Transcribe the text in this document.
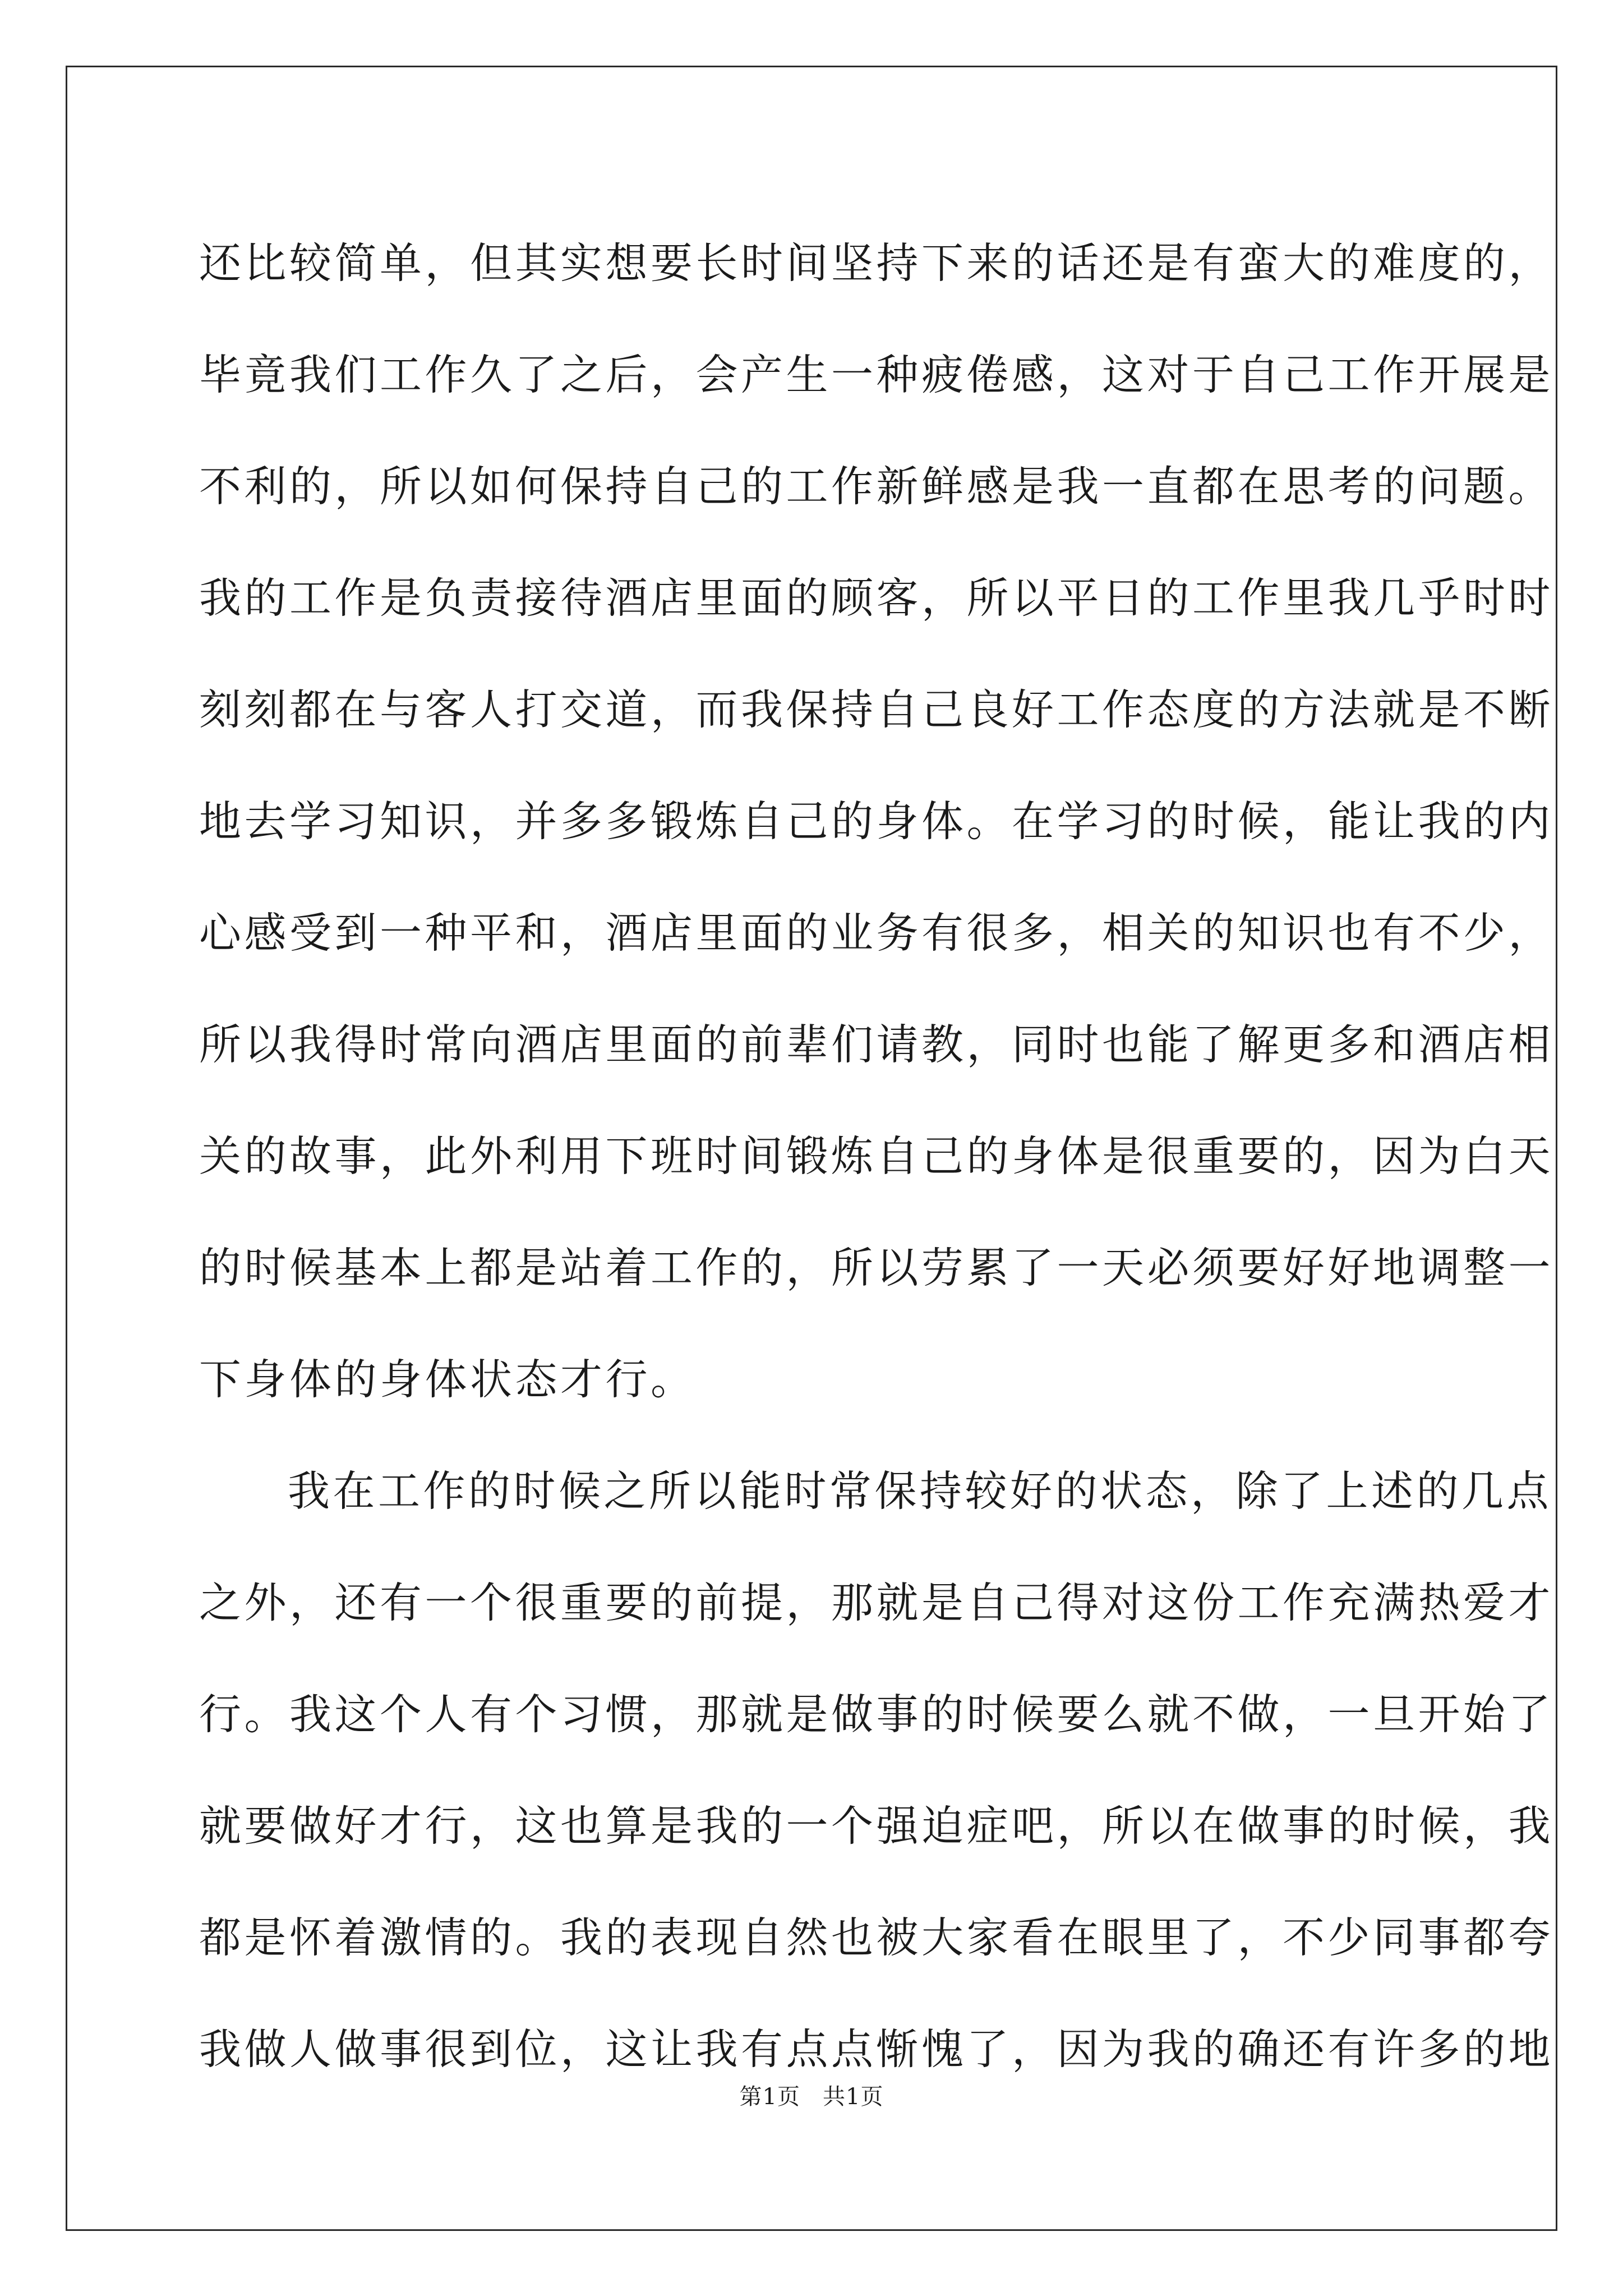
还比较简单，但其实想要长时间坚持下来的话还是有蛮大的难度的，
毕竟我们工作久了之后，会产生一种疲倦感，这对于自己工作开展是
不利的，所以如何保持自己的工作新鲜感是我一直都在思考的问题。
我的工作是负责接待酒店里面的顾客，所以平日的工作里我几乎时时
刻刻都在与客人打交道，而我保持自己良好工作态度的方法就是不断
地去学习知识，并多多锻炼自己的身体。在学习的时候，能让我的内
心感受到一种平和，酒店里面的业务有很多，相关的知识也有不少，
所以我得时常向酒店里面的前辈们请教，同时也能了解更多和酒店相
关的故事，此外利用下班时间锻炼自己的身体是很重要的，因为白天
的时候基本上都是站着工作的，所以劳累了一天必须要好好地调整一
下身体的身体状态才行。
我在工作的时候之所以能时常保持较好的状态，除了上述的几点
之外，还有一个很重要的前提，那就是自己得对这份工作充满热爱才
行。我这个人有个习惯，那就是做事的时候要么就不做，一旦开始了
就要做好才行，这也算是我的一个强迫症吧，所以在做事的时候，我
都是怀着激情的。我的表现自然也被大家看在眼里了，不少同事都夸
我做人做事很到位，这让我有点点惭愧了，因为我的确还有许多的地
第1页 共1页
